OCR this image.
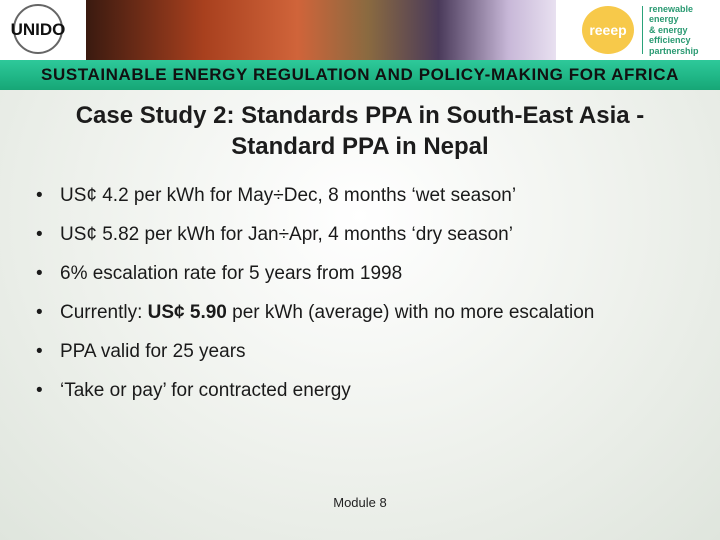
UNIDO	reeep
renewable
energy
& energy
efficiency
partnership
SUSTAINABLE ENERGY REGULATION AND POLICY-MAKING FOR AFRICA
Case Study 2: Standards PPA in South-East Asia -
Standard PPA in Nepal
• US¢ 4.2 per kWh for May÷Dec, 8 months ‘wet season’
• US¢ 5.82 per kWh for Jan÷Apr, 4 months ‘dry season’
• 6% escalation rate for 5 years from 1998
• Currently: US¢ 5.90 per kWh (average) with no more escalation
• PPA valid for 25 years
• ‘Take or pay’ for contracted energy
Module 8
